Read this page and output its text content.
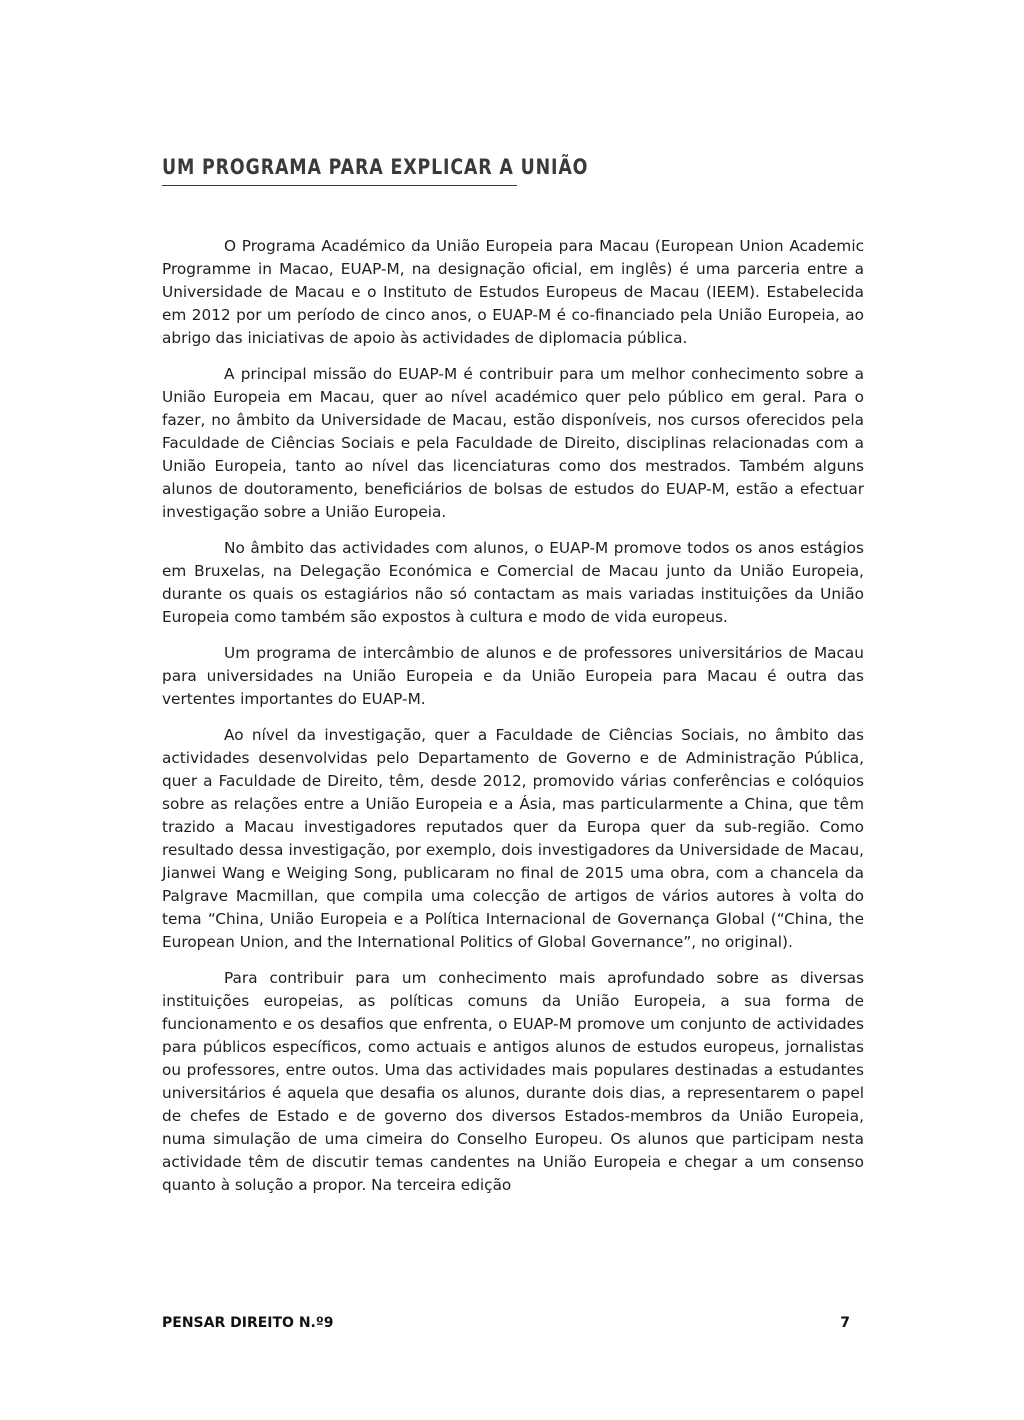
UM PROGRAMA PARA EXPLICAR A UNIÃO

O Programa Académico da União Europeia para Macau (European Union Academic Programme in Macao, EUAP-M, na designação oficial, em inglês) é uma parceria entre a Universidade de Macau e o Instituto de Estudos Europeus de Macau (IEEM). Estabelecida em 2012 por um período de cinco anos, o EUAP-M é co-financiado pela União Europeia, ao abrigo das iniciativas de apoio às actividades de diplomacia pública.

A principal missão do EUAP-M é contribuir para um melhor conhecimento sobre a União Europeia em Macau, quer ao nível académico quer pelo público em geral. Para o fazer, no âmbito da Universidade de Macau, estão disponíveis, nos cursos oferecidos pela Faculdade de Ciências Sociais e pela Faculdade de Direito, disciplinas relacionadas com a União Europeia, tanto ao nível das licenciaturas como dos mestrados. Também alguns alunos de doutoramento, beneficiários de bolsas de estudos do EUAP-M, estão a efectuar investigação sobre a União Europeia.

No âmbito das actividades com alunos, o EUAP-M promove todos os anos estágios em Bruxelas, na Delegação Económica e Comercial de Macau junto da União Europeia, durante os quais os estagiários não só contactam as mais variadas instituições da União Europeia como também são expostos à cultura e modo de vida europeus.

Um programa de intercâmbio de alunos e de professores universitários de Macau para universidades na União Europeia e da União Europeia para Macau é outra das vertentes importantes do EUAP-M.

Ao nível da investigação, quer a Faculdade de Ciências Sociais, no âmbito das actividades desenvolvidas pelo Departamento de Governo e de Administração Pública, quer a Faculdade de Direito, têm, desde 2012, promovido várias conferências e colóquios sobre as relações entre a União Europeia e a Ásia, mas particularmente a China, que têm trazido a Macau investigadores reputados quer da Europa quer da sub-região. Como resultado dessa investigação, por exemplo, dois investigadores da Universidade de Macau, Jianwei Wang e Weiging Song, publicaram no final de 2015 uma obra, com a chancela da Palgrave Macmillan, que compila uma colecção de artigos de vários autores à volta do tema “China, União Europeia e a Política Internacional de Governança Global (“China, the European Union, and the International Politics of Global Governance”, no original).

Para contribuir para um conhecimento mais aprofundado sobre as diversas instituições europeias, as políticas comuns da União Europeia, a sua forma de funcionamento e os desafios que enfrenta, o EUAP-M promove um conjunto de actividades para públicos específicos, como actuais e antigos alunos de estudos europeus, jornalistas ou professores, entre outos. Uma das actividades mais populares destinadas a estudantes universitários é aquela que desafia os alunos, durante dois dias, a representarem o papel de chefes de Estado e de governo dos diversos Estados-membros da União Europeia, numa simulação de uma cimeira do Conselho Europeu. Os alunos que participam nesta actividade têm de discutir temas candentes na União Europeia e chegar a um consenso quanto à solução a propor. Na terceira edição

PENSAR DIREITO N.º9	7
